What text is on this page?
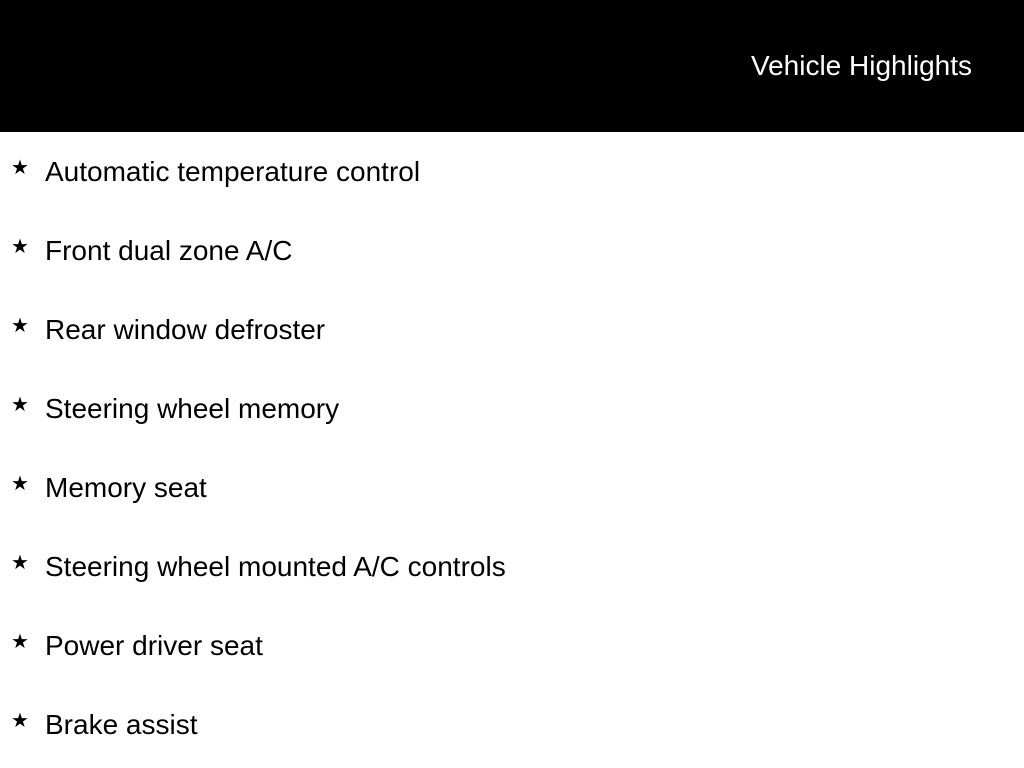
Vehicle Highlights
★ Automatic temperature control
★ Front dual zone A/C
★ Rear window defroster
★ Steering wheel memory
★ Memory seat
★ Steering wheel mounted A/C controls
★ Power driver seat
★ Brake assist
